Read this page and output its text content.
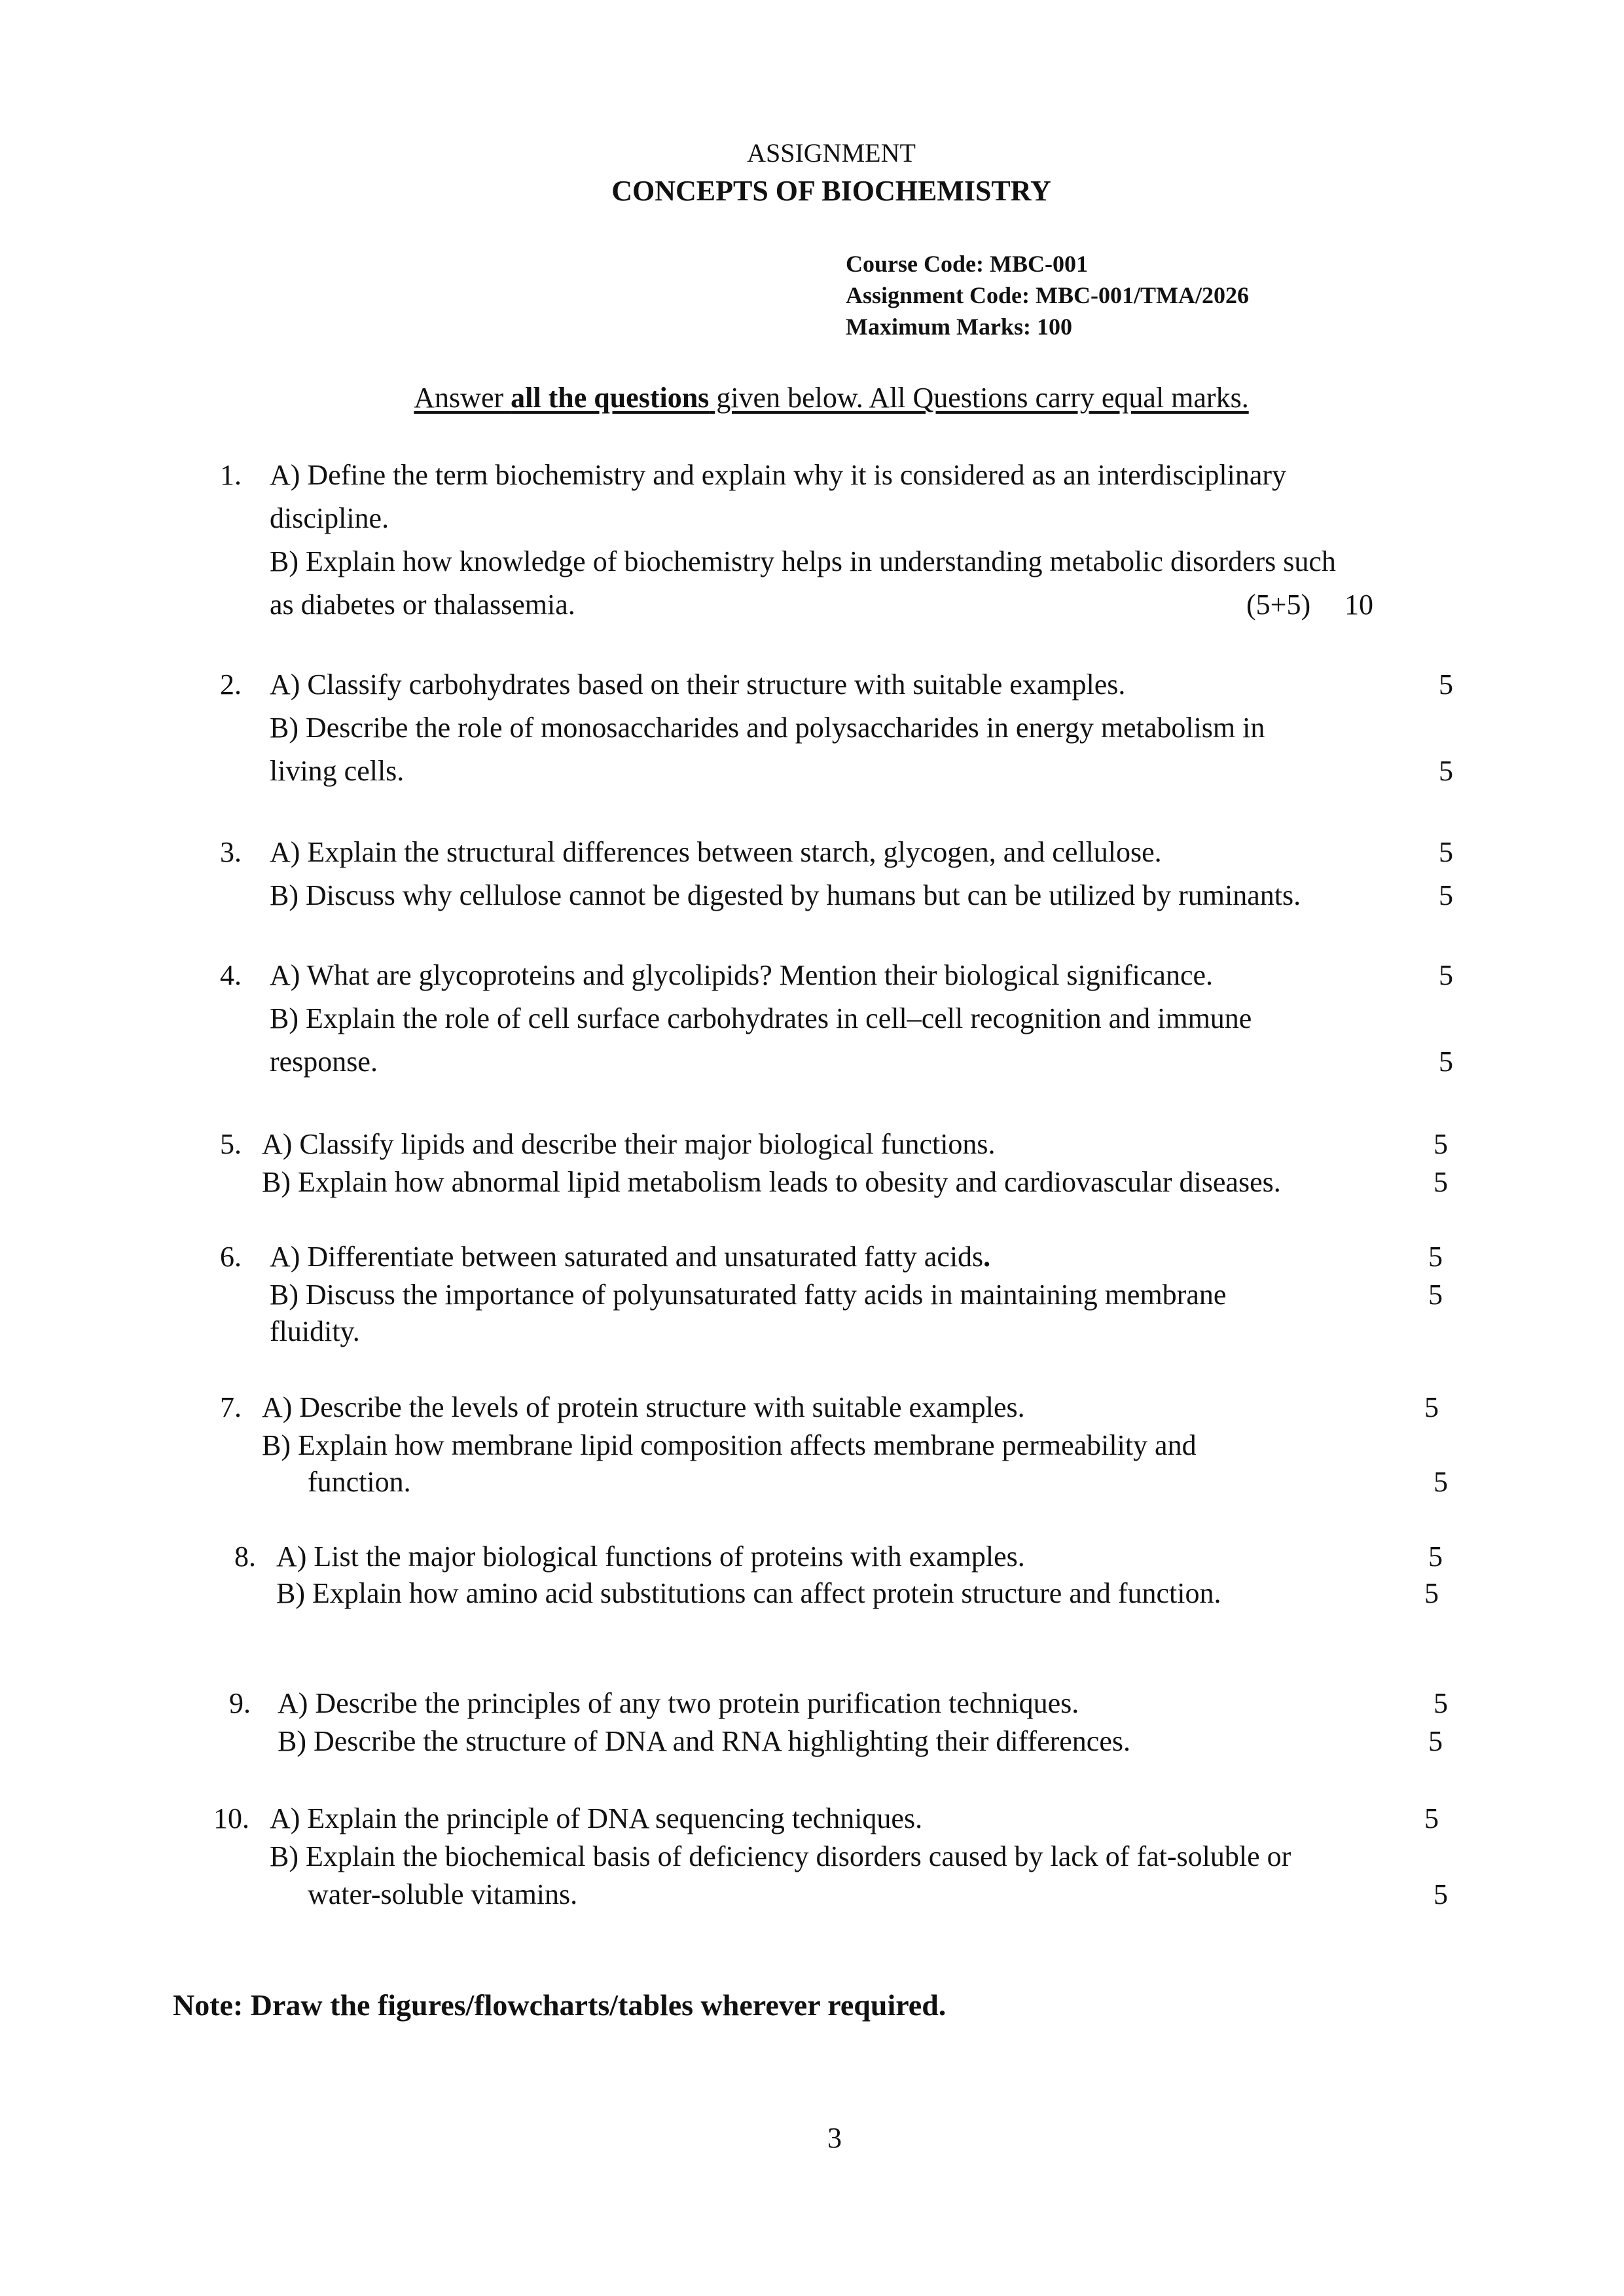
ASSIGNMENT
CONCEPTS OF BIOCHEMISTRY
Course Code: MBC-001
Assignment Code: MBC-001/TMA/2026
Maximum Marks: 100
Answer all the questions given below. All Questions carry equal marks.
1. A) Define the term biochemistry and explain why it is considered as an interdisciplinary
discipline.
B) Explain how knowledge of biochemistry helps in understanding metabolic disorders such
as diabetes or thalassemia.	(5+5) 10
2. A) Classify carbohydrates based on their structure with suitable examples.	5
B) Describe the role of monosaccharides and polysaccharides in energy metabolism in
living cells.	5
3. A) Explain the structural differences between starch, glycogen, and cellulose.	5
B) Discuss why cellulose cannot be digested by humans but can be utilized by ruminants.	5
4. A) What are glycoproteins and glycolipids? Mention their biological significance.	5
B) Explain the role of cell surface carbohydrates in cell–cell recognition and immune
response.	5
5. A) Classify lipids and describe their major biological functions.	5
B) Explain how abnormal lipid metabolism leads to obesity and cardiovascular diseases.	5
6. A) Differentiate between saturated and unsaturated fatty acids.	5
B) Discuss the importance of polyunsaturated fatty acids in maintaining membrane	5
fluidity.
7. A) Describe the levels of protein structure with suitable examples.	5
B) Explain how membrane lipid composition affects membrane permeability and
function.	5
8. A) List the major biological functions of proteins with examples.	5
B) Explain how amino acid substitutions can affect protein structure and function.	5
9. A) Describe the principles of any two protein purification techniques.	5
B) Describe the structure of DNA and RNA highlighting their differences.	5
10. A) Explain the principle of DNA sequencing techniques.	5
B) Explain the biochemical basis of deficiency disorders caused by lack of fat-soluble or
water-soluble vitamins.	5
Note: Draw the figures/flowcharts/tables wherever required.
3
